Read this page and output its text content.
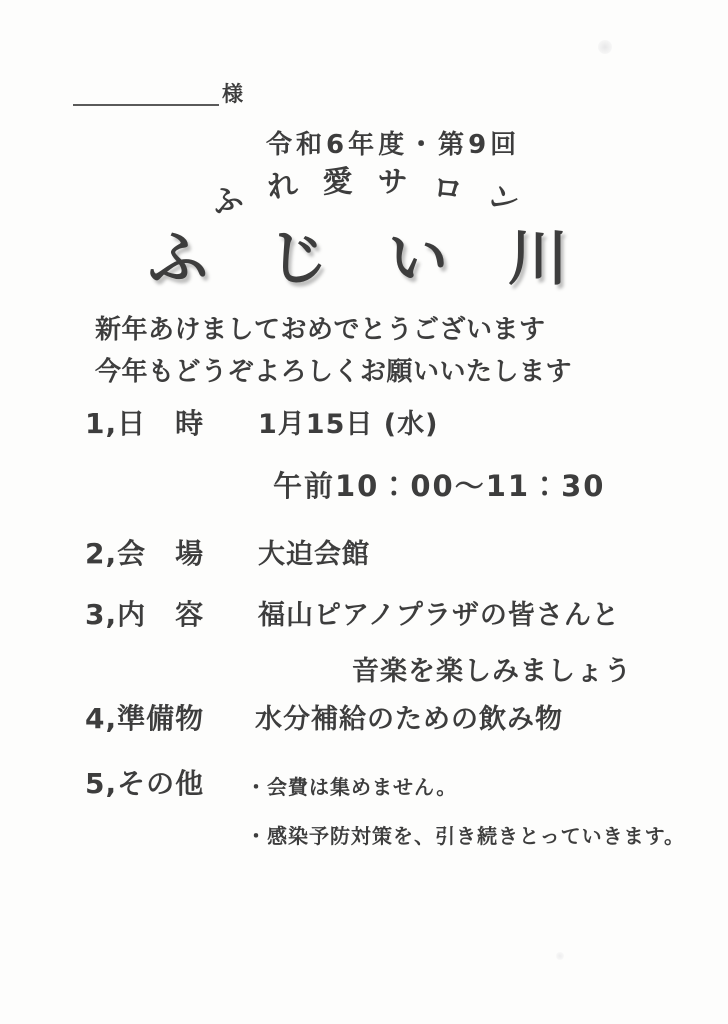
様
令和6年度・第9回
ふ れ 愛 サ ロ ン
ふ	じ	い	川
新年あけましておめでとうございます
今年もどうぞよろしくお願いいたします
1,日　時 1月15日 (水)
午前10：00～11：30
2,会　場 大迫会館
3,内　容 福山ピアノプラザの皆さんと
音楽を楽しみましょう
4,準備物 水分補給のための飲み物
5,その他 ・会費は集めません。
・感染予防対策を、引き続きとっていきます。
